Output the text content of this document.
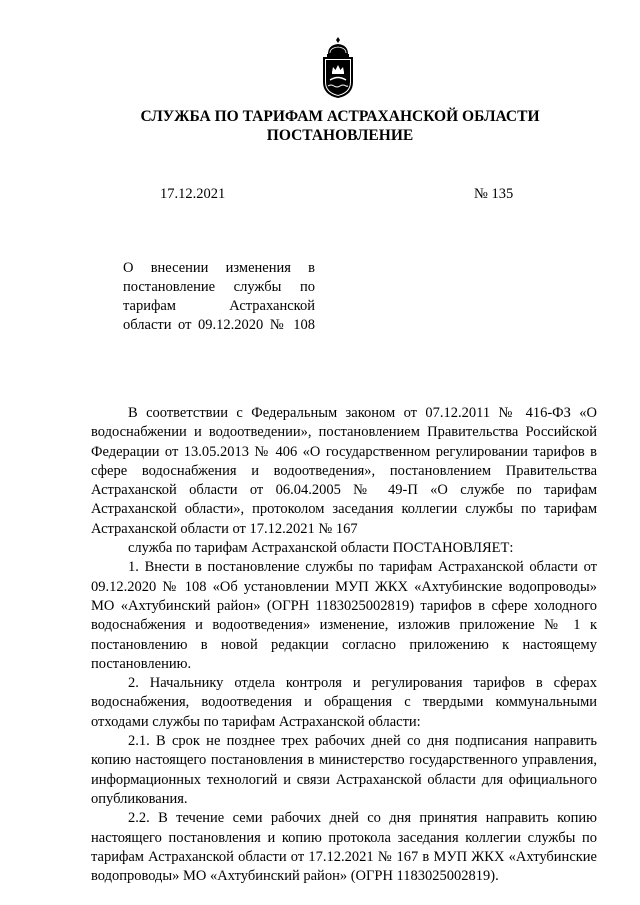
СЛУЖБА ПО ТАРИФАМ АСТРАХАНСКОЙ ОБЛАСТИ
ПОСТАНОВЛЕНИЕ
17.12.2021	№ 135
О внесении изменения в постановление службы по тарифам Астраханской области от 09.12.2020 № 108

В соответствии с Федеральным законом от 07.12.2011 № 416-ФЗ «О водоснабжении и водоотведении», постановлением Правительства Российской Федерации от 13.05.2013 № 406 «О государственном регулировании тарифов в сфере водоснабжения и водоотведения», постановлением Правительства Астраханской области от 06.04.2005 № 49-П «О службе по тарифам Астраханской области», протоколом заседания коллегии службы по тарифам Астраханской области от 17.12.2021 № 167

служба по тарифам Астраханской области ПОСТАНОВЛЯЕТ:

1. Внести в постановление службы по тарифам Астраханской области от 09.12.2020 № 108 «Об установлении МУП ЖКХ «Ахтубинские водопроводы» МО «Ахтубинский район» (ОГРН 1183025002819) тарифов в сфере холодного водоснабжения и водоотведения» изменение, изложив приложение № 1 к постановлению в новой редакции согласно приложению к настоящему постановлению.

2. Начальнику отдела контроля и регулирования тарифов в сферах водоснабжения, водоотведения и обращения с твердыми коммунальными отходами службы по тарифам Астраханской области:

2.1. В срок не позднее трех рабочих дней со дня подписания направить копию настоящего постановления в министерство государственного управления, информационных технологий и связи Астраханской области для официального опубликования.

2.2. В течение семи рабочих дней со дня принятия направить копию настоящего постановления и копию протокола заседания коллегии службы по тарифам Астраханской области от 17.12.2021 № 167 в МУП ЖКХ «Ахтубинские водопроводы» МО «Ахтубинский район» (ОГРН 1183025002819).
